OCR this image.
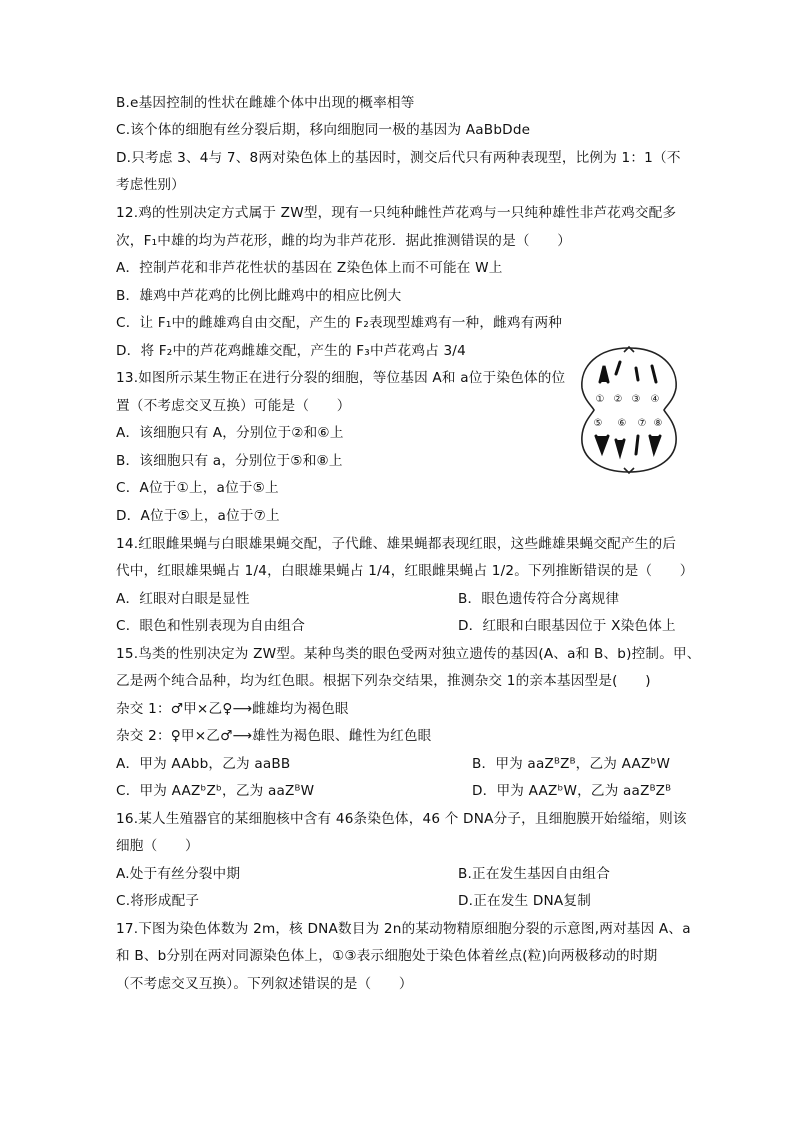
B.e基因控制的性状在雌雄个体中出现的概率相等
C.该个体的细胞有丝分裂后期，移向细胞同一极的基因为 AaBbDde
D.只考虑 3、4与 7、8两对染色体上的基因时，测交后代只有两种表现型，比例为 1：1（不
考虑性别）
12.鸡的性别决定方式属于 ZW型，现有一只纯种雌性芦花鸡与一只纯种雄性非芦花鸡交配多
次，F₁中雄的均为芦花形，雌的均为非芦花形．据此推测错误的是（　　）
A．控制芦花和非芦花性状的基因在 Z染色体上而不可能在 W上
B．雄鸡中芦花鸡的比例比雌鸡中的相应比例大
C．让 F₁中的雌雄鸡自由交配，产生的 F₂表现型雄鸡有一种，雌鸡有两种
D．将 F₂中的芦花鸡雌雄交配，产生的 F₃中芦花鸡占 3/4
13.如图所示某生物正在进行分裂的细胞，等位基因 A和 a位于染色体的位
置（不考虑交叉互换）可能是（　　）
A．该细胞只有 A，分别位于②和⑥上
B．该细胞只有 a，分别位于⑤和⑧上
C．A位于①上，a位于⑤上
D．A位于⑤上，a位于⑦上
① ② ③ ④
⑤ ⑥ ⑦ ⑧
14.红眼雌果蝇与白眼雄果蝇交配，子代雌、雄果蝇都表现红眼，这些雌雄果蝇交配产生的后
代中，红眼雄果蝇占 1/4，白眼雄果蝇占 1/4，红眼雌果蝇占 1/2。下列推断错误的是（　　）
A．红眼对白眼是显性	B．眼色遗传符合分离规律
C．眼色和性别表现为自由组合	D．红眼和白眼基因位于 X染色体上
15.鸟类的性别决定为 ZW型。某种鸟类的眼色受两对独立遗传的基因(A、a和 B、b)控制。甲、
乙是两个纯合品种，均为红色眼。根据下列杂交结果，推测杂交 1的亲本基因型是(　　)
杂交 1：♂甲×乙♀⟶雌雄均为褐色眼
杂交 2：♀甲×乙♂⟶雄性为褐色眼、雌性为红色眼
A．甲为 AAbb，乙为 aaBB	B．甲为 aaZᴮZᴮ，乙为 AAZᵇW
C．甲为 AAZᵇZᵇ，乙为 aaZᴮW	D．甲为 AAZᵇW，乙为 aaZᴮZᴮ
16.某人生殖器官的某细胞核中含有 46条染色体，46 个 DNA分子，且细胞膜开始缢缩，则该
细胞（　　）
A.处于有丝分裂中期	B.正在发生基因自由组合
C.将形成配子	D.正在发生 DNA复制
17.下图为染色体数为 2m，核 DNA数目为 2n的某动物精原细胞分裂的示意图,两对基因 A、a
和 B、b分别在两对同源染色体上，①③表示细胞处于染色体着丝点(粒)向两极移动的时期
（不考虑交叉互换）。下列叙述错误的是（　　）
